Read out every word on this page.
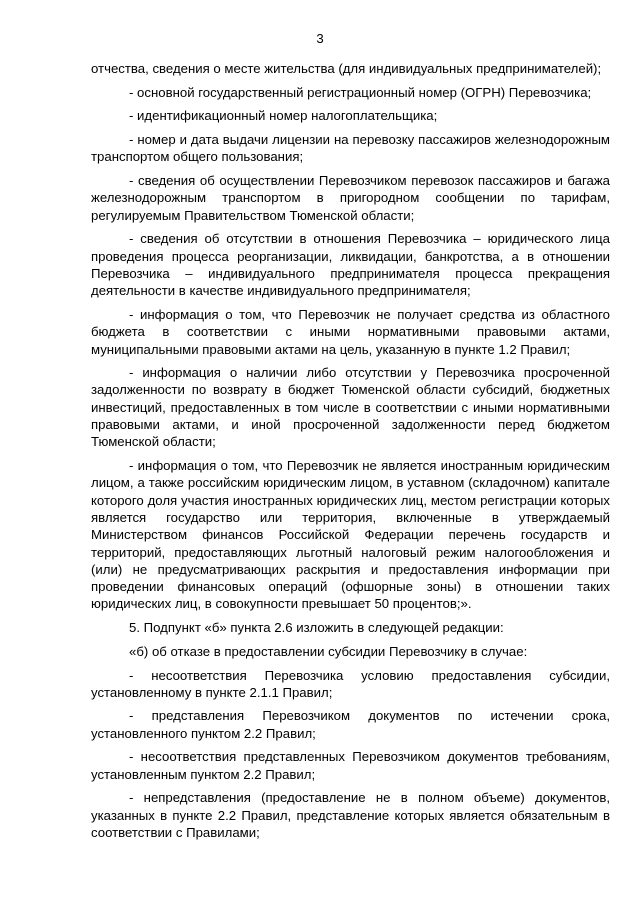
3

отчества, сведения о месте жительства (для индивидуальных предпринимателей);

- основной государственный регистрационный номер (ОГРН) Перевозчика;

- идентификационный номер налогоплательщика;

- номер и дата выдачи лицензии на перевозку пассажиров железнодорожным транспортом общего пользования;

- сведения об осуществлении Перевозчиком перевозок пассажиров и багажа железнодорожным транспортом в пригородном сообщении по тарифам, регулируемым Правительством Тюменской области;

- сведения об отсутствии в отношения Перевозчика – юридического лица проведения процесса реорганизации, ликвидации, банкротства, а в отношении Перевозчика – индивидуального предпринимателя процесса прекращения деятельности в качестве индивидуального предпринимателя;

- информация о том, что Перевозчик не получает средства из областного бюджета в соответствии с иными нормативными правовыми актами, муниципальными правовыми актами на цель, указанную в пункте 1.2 Правил;

- информация о наличии либо отсутствии у Перевозчика просроченной задолженности по возврату в бюджет Тюменской области субсидий, бюджетных инвестиций, предоставленных в том числе в соответствии с иными нормативными правовыми актами, и иной просроченной задолженности перед бюджетом Тюменской области;

- информация о том, что Перевозчик не является иностранным юридическим лицом, а также российским юридическим лицом, в уставном (складочном) капитале которого доля участия иностранных юридических лиц, местом регистрации которых является государство или территория, включенные в утверждаемый Министерством финансов Российской Федерации перечень государств и территорий, предоставляющих льготный налоговый режим налогообложения и (или) не предусматривающих раскрытия и предоставления информации при проведении финансовых операций (офшорные зоны) в отношении таких юридических лиц, в совокупности превышает 50 процентов;».

5. Подпункт «б» пункта 2.6 изложить в следующей редакции:

«б) об отказе в предоставлении субсидии Перевозчику в случае:

- несоответствия Перевозчика условию предоставления субсидии, установленному в пункте 2.1.1 Правил;

- представления Перевозчиком документов по истечении срока, установленного пунктом 2.2 Правил;

- несоответствия представленных Перевозчиком документов требованиям, установленным пунктом 2.2 Правил;

- непредставления (предоставление не в полном объеме) документов, указанных в пункте 2.2 Правил, представление которых является обязательным в соответствии с Правилами;
